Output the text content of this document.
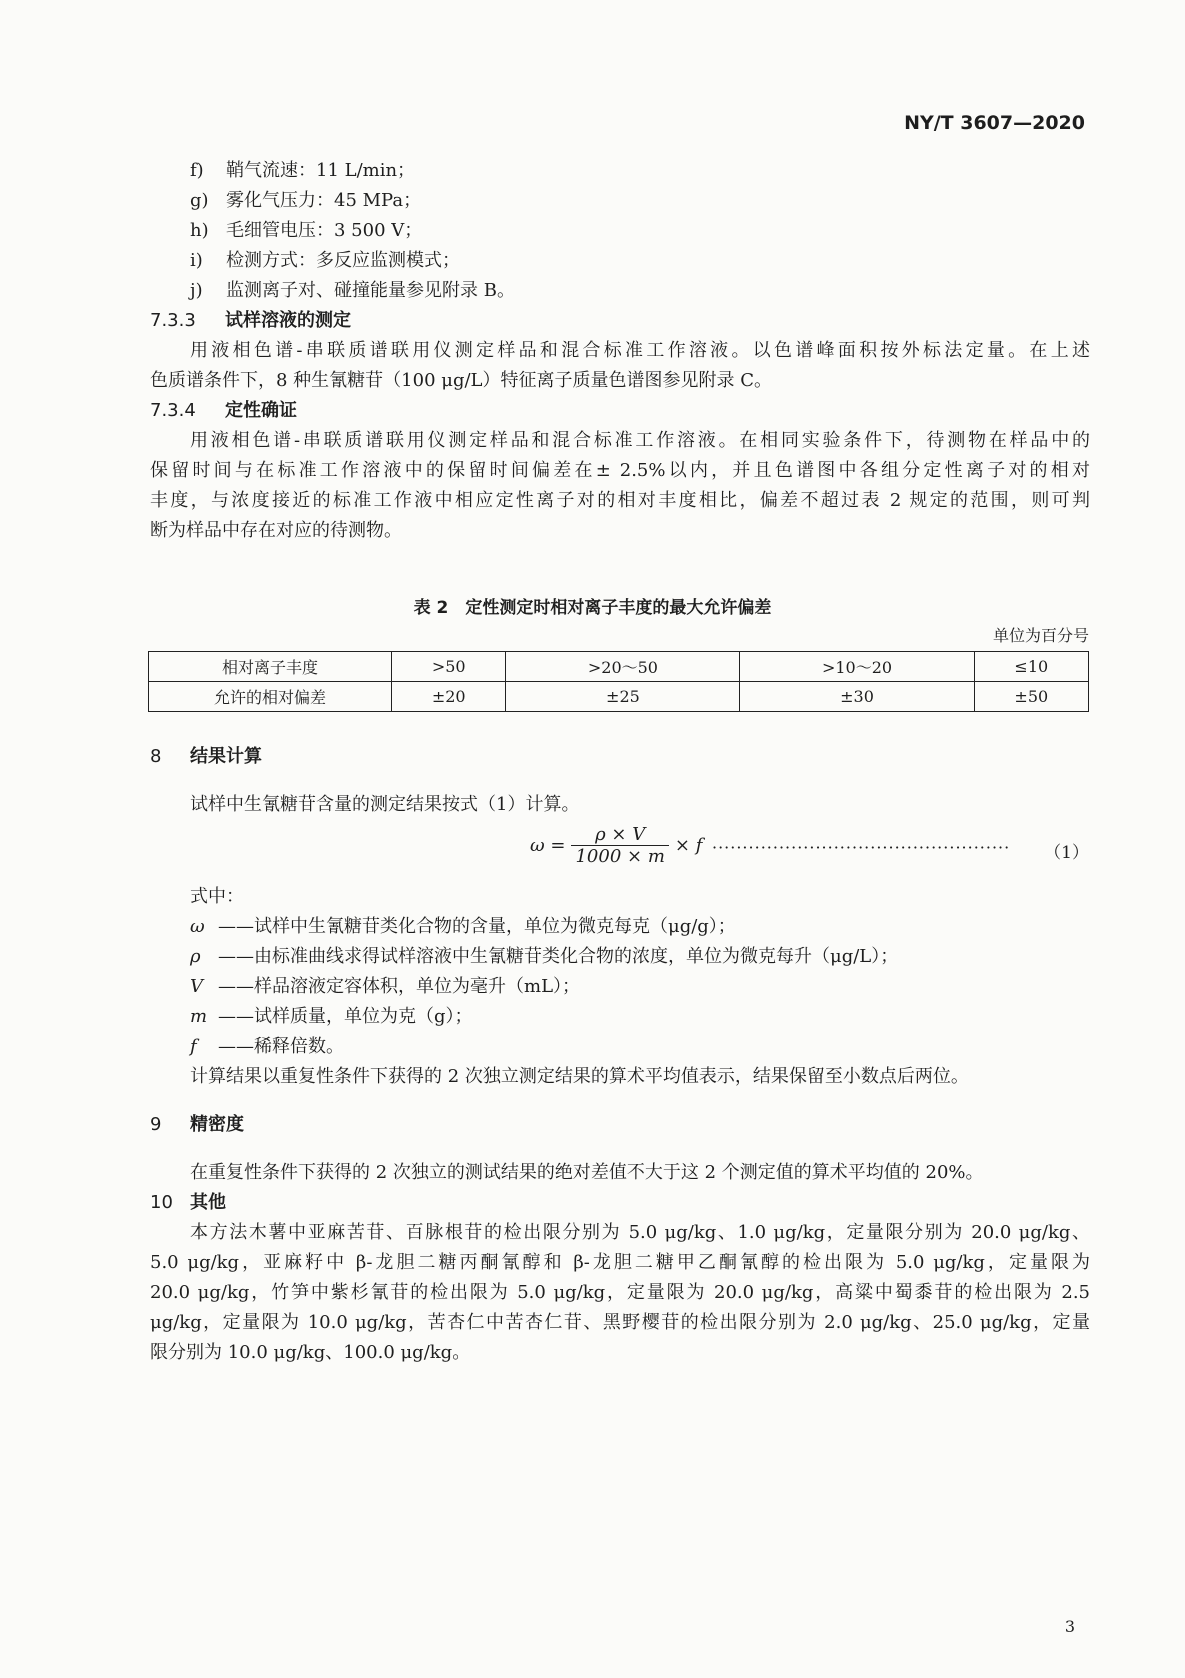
NY/T 3607—2020
f) 鞘气流速：11 L/min；
g) 雾化气压力：45 MPa；
h) 毛细管电压：3 500 V；
i) 检测方式：多反应监测模式；
j) 监测离子对、碰撞能量参见附录 B。
7.3.3 试样溶液的测定
用液相色谱-串联质谱联用仪测定样品和混合标准工作溶液。以色谱峰面积按外标法定量。在上述
色质谱条件下，8 种生氰糖苷（100 μg/L）特征离子质量色谱图参见附录 C。
7.3.4 定性确证
用液相色谱-串联质谱联用仪测定样品和混合标准工作溶液。在相同实验条件下，待测物在样品中的
保留时间与在标准工作溶液中的保留时间偏差在± 2.5%以内，并且色谱图中各组分定性离子对的相对
丰度，与浓度接近的标准工作液中相应定性离子对的相对丰度相比，偏差不超过表 2 规定的范围，则可判
断为样品中存在对应的待测物。
表 2　定性测定时相对离子丰度的最大允许偏差
单位为百分号
相对离子丰度	>50	>20～50	>10～20	≤10
允许的相对偏差	±20	±25	±30	±50
8 结果计算
试样中生氰糖苷含量的测定结果按式（1）计算。
$\omega = \frac{\rho \times V}{1000 \times m} \times f$ ················································· （1）
式中：
ω ——试样中生氰糖苷类化合物的含量，单位为微克每克（μg/g）；
ρ ——由标准曲线求得试样溶液中生氰糖苷类化合物的浓度，单位为微克每升（μg/L）；
V ——样品溶液定容体积，单位为毫升（mL）；
m ——试样质量，单位为克（g）；
f ——稀释倍数。
计算结果以重复性条件下获得的 2 次独立测定结果的算术平均值表示，结果保留至小数点后两位。
9 精密度
在重复性条件下获得的 2 次独立的测试结果的绝对差值不大于这 2 个测定值的算术平均值的 20%。
10 其他
本方法木薯中亚麻苦苷、百脉根苷的检出限分别为 5.0 μg/kg、1.0 μg/kg，定量限分别为 20.0 μg/kg、
5.0 μg/kg，亚麻籽中 β-龙胆二糖丙酮氰醇和 β-龙胆二糖甲乙酮氰醇的检出限为 5.0 μg/kg，定量限为
20.0 μg/kg，竹笋中紫杉氰苷的检出限为 5.0 μg/kg，定量限为 20.0 μg/kg，高粱中蜀黍苷的检出限为 2.5
μg/kg，定量限为 10.0 μg/kg，苦杏仁中苦杏仁苷、黑野樱苷的检出限分别为 2.0 μg/kg、25.0 μg/kg，定量
限分别为 10.0 μg/kg、100.0 μg/kg。
3
